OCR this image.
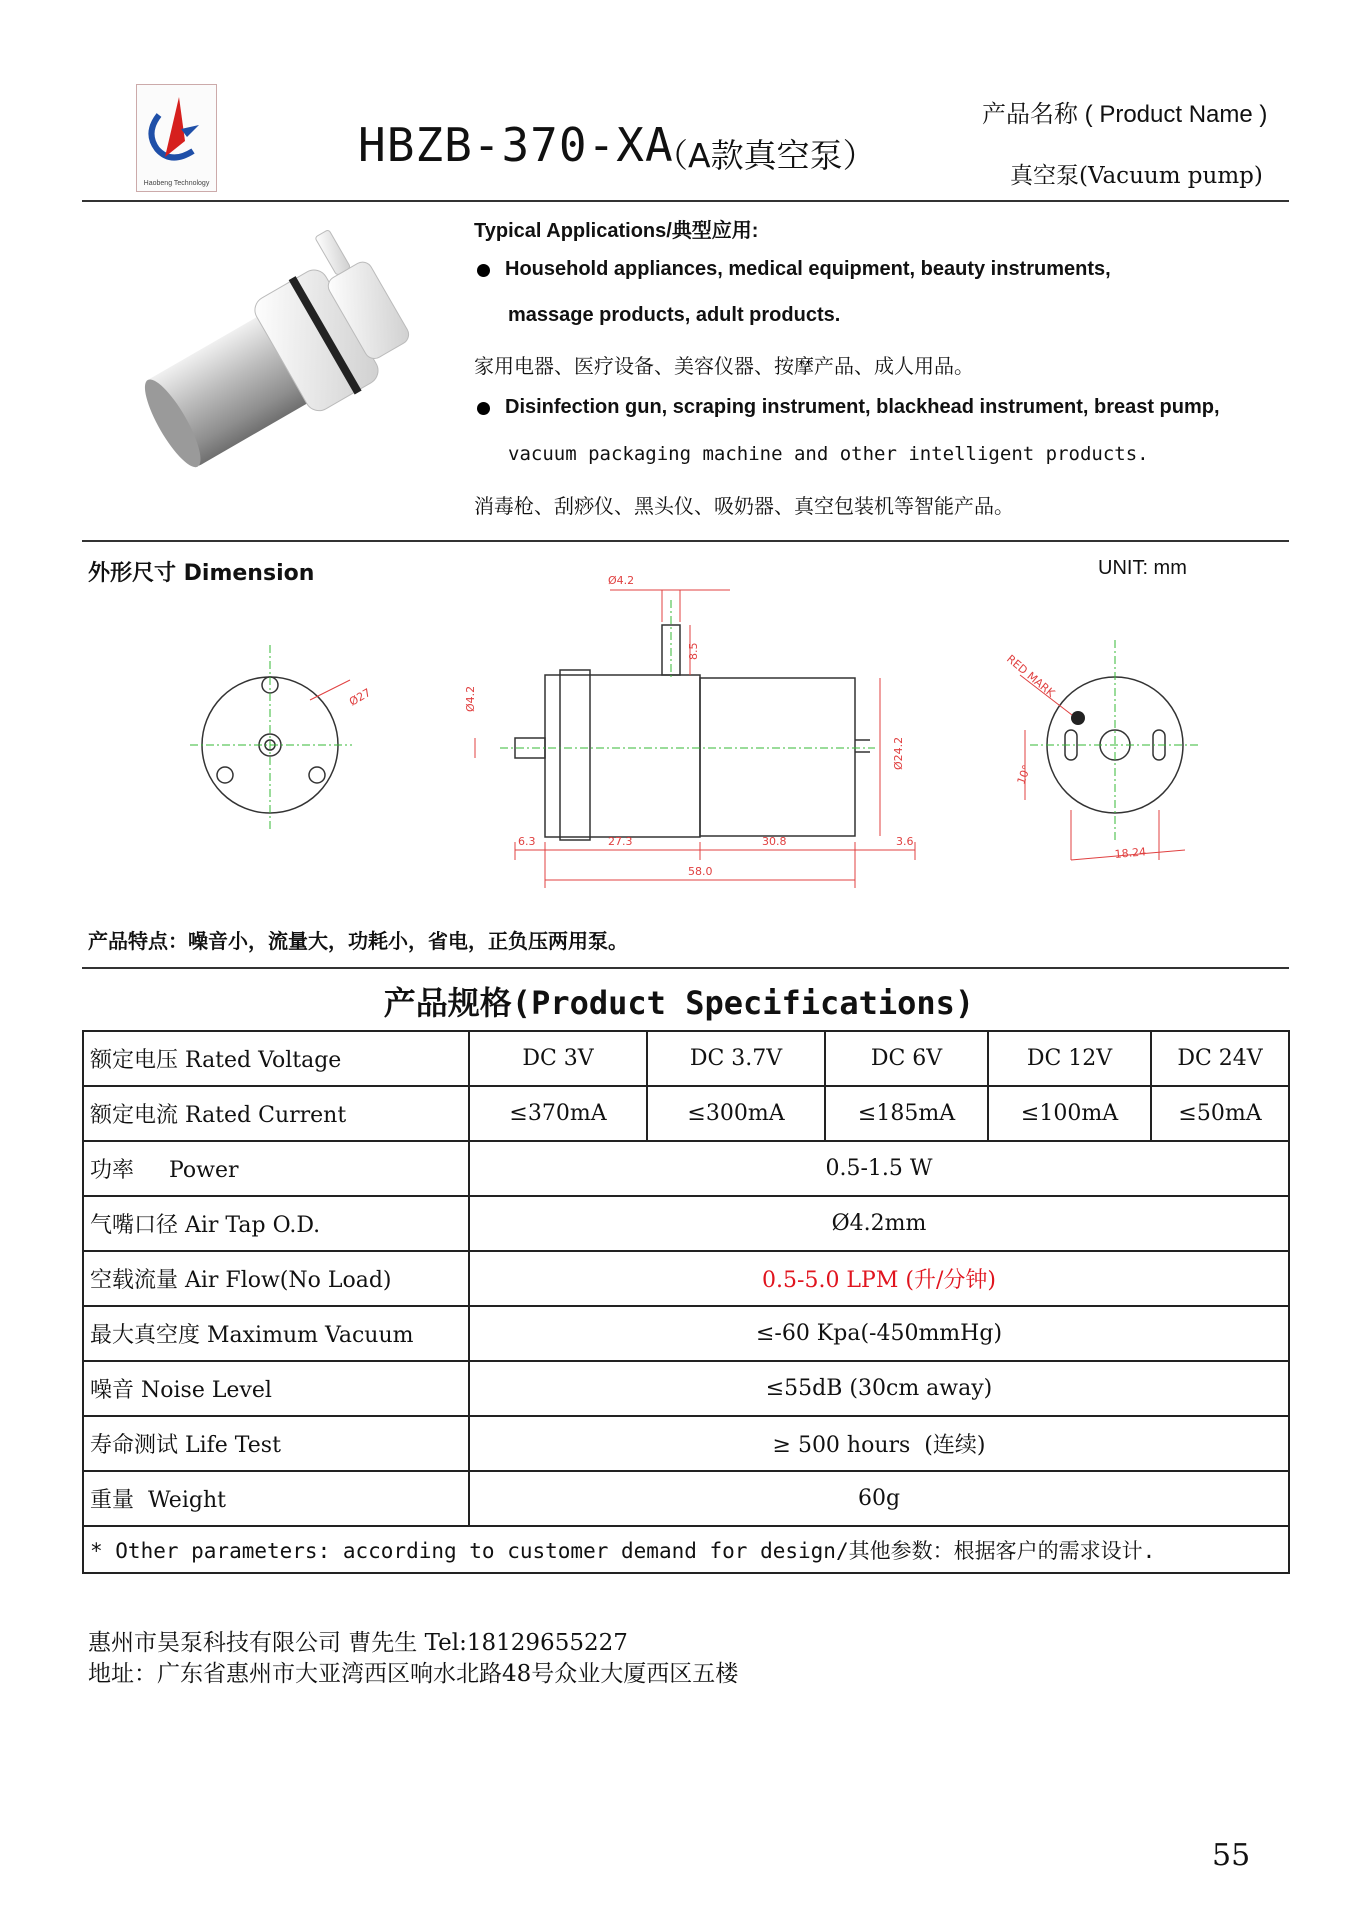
Haobeng Technology
HBZB-370-XA
（A款真空泵）
产品名称 ( Product Name )
真空泵(Vacuum pump)
Typical Applications/典型应用:
Household appliances, medical equipment, beauty instruments,
massage products, adult products.
家用电器、医疗设备、美容仪器、按摩产品、成人用品。
Disinfection gun, scraping instrument, blackhead instrument, breast pump,
vacuum packaging machine and other intelligent products.
消毒枪、刮痧仪、黑头仪、吸奶器、真空包装机等智能产品。
外形尺寸 Dimension	UNIT: mm
Ø27
Ø4.2
8.5
Ø4.2
Ø24.2
6.3	27.3	30.8	3.6
58.0
RED MARK
10°
18.24
产品特点：噪音小，流量大，功耗小，省电，正负压两用泵。
产品规格(Product Specifications)
额定电压 Rated Voltage	DC 3V	DC 3.7V	DC 6V	DC 12V	DC 24V
额定电流 Rated Current	≤370mA	≤300mA	≤185mA	≤100mA	≤50mA
功率     Power	0.5-1.5 W				
气嘴口径 Air Tap O.D.	Ø4.2mm				
空载流量 Air Flow(No Load)	0.5-5.0 LPM (升/分钟)				
最大真空度 Maximum Vacuum	≤-60 Kpa(-450mmHg)				
噪音 Noise Level	≤55dB (30cm away)				
寿命测试 Life Test	≥ 500 hours  (连续)				
重量  Weight	60g				
* Other parameters: according to customer demand for design/其他参数：根据客户的需求设计.					
惠州市昊泵科技有限公司 曹先生 Tel:18129655227
地址：广东省惠州市大亚湾西区响水北路48号众业大厦西区五楼
55
